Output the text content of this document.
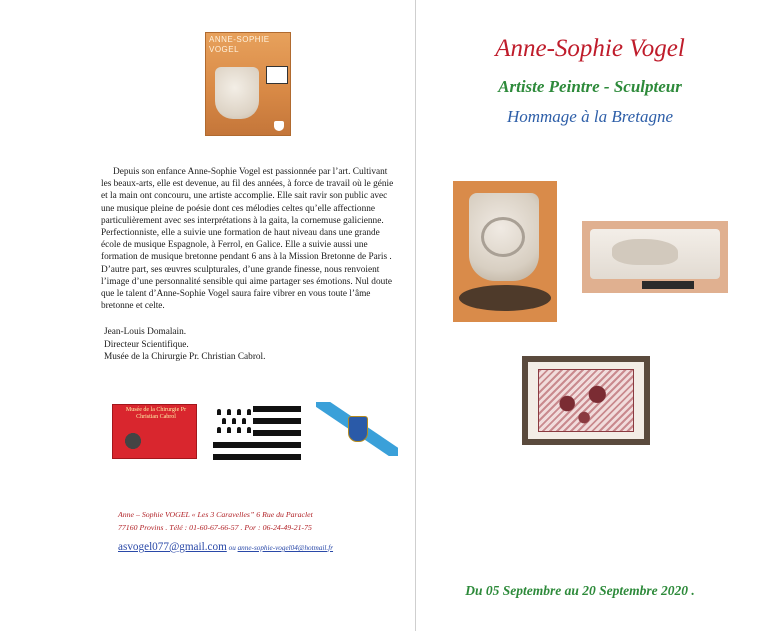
ANNE-SOPHIE VOGEL

Depuis son enfance Anne-Sophie Vogel est passionnée par l’art. Cultivant les beaux-arts, elle est devenue, au fil des années, à force de travail où le génie et la main ont concouru, une artiste accomplie. Elle sait ravir son public avec une musique pleine de poésie dont ces mélodies celtes qu’elle affectionne particulièrement avec ses interprétations à la gaita, la cornemuse galicienne. Perfectionniste, elle a suivie une formation de haut niveau dans une grande école de musique Espagnole, à Ferrol, en Galice. Elle a suivie aussi une formation de musique bretonne pendant 6 ans à la Mission Bretonne de Paris . D’autre part, ses œuvres sculpturales, d’une grande finesse, nous renvoient l’image d’une personnalité sensible qui aime partager ses émotions. Nul doute que le talent d’Anne-Sophie Vogel saura faire vibrer en vous toute l’âme bretonne et celte.

Jean-Louis Domalain.
Directeur Scientifique.
Musée de la Chirurgie Pr. Christian Cabrol.
Musée de la Chirurgie Pr Christian Cabrol
Anne – Sophie VOGEL « Les 3 Caravelles” 6 Rue du Paraclet
77160 Provins . Télé : 01-60-67-66-57 . Por : 06-24-49-21-75
asvogel077@gmail.com ou anne-sophie-vogel04@hotmail.fr
Anne-Sophie Vogel
Artiste Peintre - Sculpteur
Hommage à la Bretagne
Du 05 Septembre au 20 Septembre 2020 .
